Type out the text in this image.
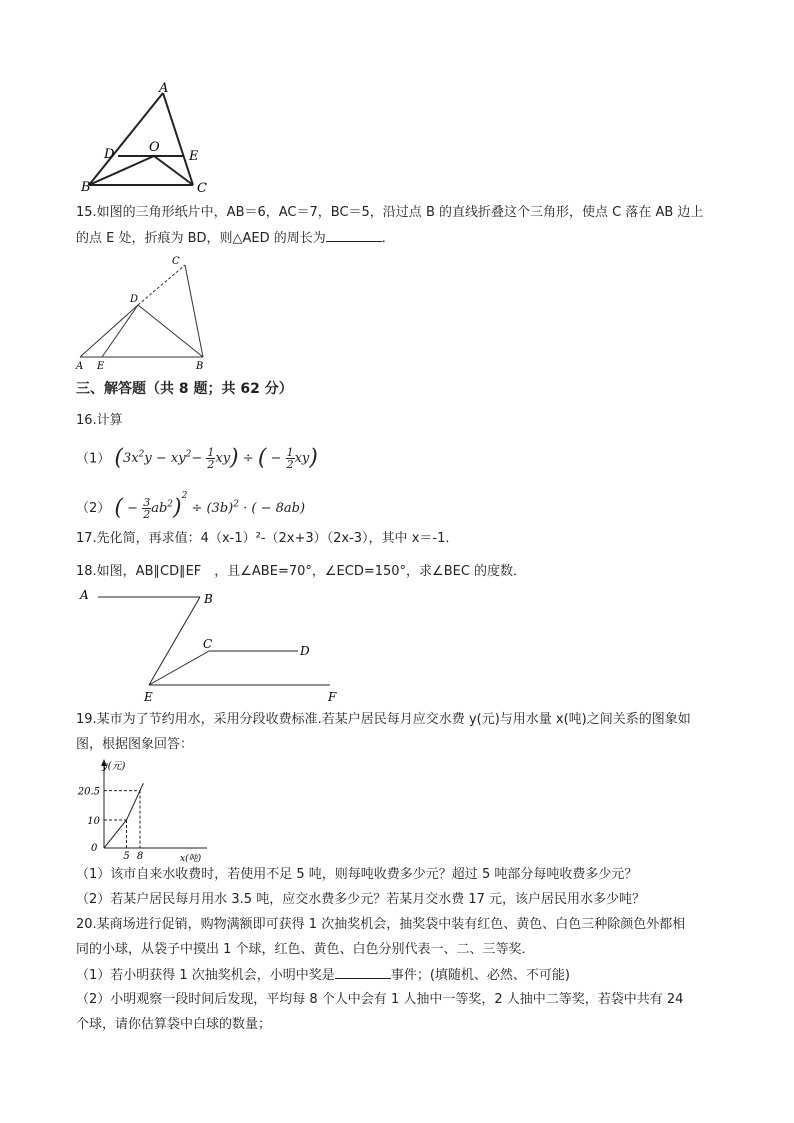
A
D	O
E
B	C
15.如图的三角形纸片中，AB＝6，AC＝7，BC＝5，沿过点 B 的直线折叠这个三角形，使点 C 落在 AB 边上
的点 E 处，折痕为 BD，则△AED 的周长为	．
A E	B
D
C
三、解答题（共 8 题；共 62 分）
16.计算
（1） $(3x^2y - xy^2- \frac{1}{2} xy)$ ÷ ( − $\frac{1}{2} xy$)
（2） ( − $\frac{3}{2} ab^2)^2 \div (3b)^2$ · ( − 8ab)
17.先化简，再求值：4（x-1）²-（2x+3）（2x-3），其中 x＝-1．
18.如图，AB∥CD∥EF　，且∠ABE=70°，∠ECD=150°，求∠BEC 的度数．
A	B
C	D
E	F
19.某市为了节约用水，采用分段收费标准.若某户居民每月应交水费 y(元)与用水量 x(吨)之间关系的图象如
图，根据图象回答：
y(元)
x(吨)
0
10
20.5
5 8
（1）该市自来水收费时，若使用不足 5 吨，则每吨收费多少元？超过 5 吨部分每吨收费多少元？
（2）若某户居民每月用水 3.5 吨，应交水费多少元？若某月交水费 17 元，该户居民用水多少吨？
20.某商场进行促销，购物满额即可获得 1 次抽奖机会，抽奖袋中装有红色、黄色、白色三种除颜色外都相
同的小球，从袋子中摸出 1 个球，红色、黄色、白色分别代表一、二、三等奖．
（1）若小明获得 1 次抽奖机会，小明中奖是	事件；(填随机、必然、不可能)
（2）小明观察一段时间后发现，平均每 8 个人中会有 1 人抽中一等奖，2 人抽中二等奖，若袋中共有 24
个球，请你估算袋中白球的数量；
